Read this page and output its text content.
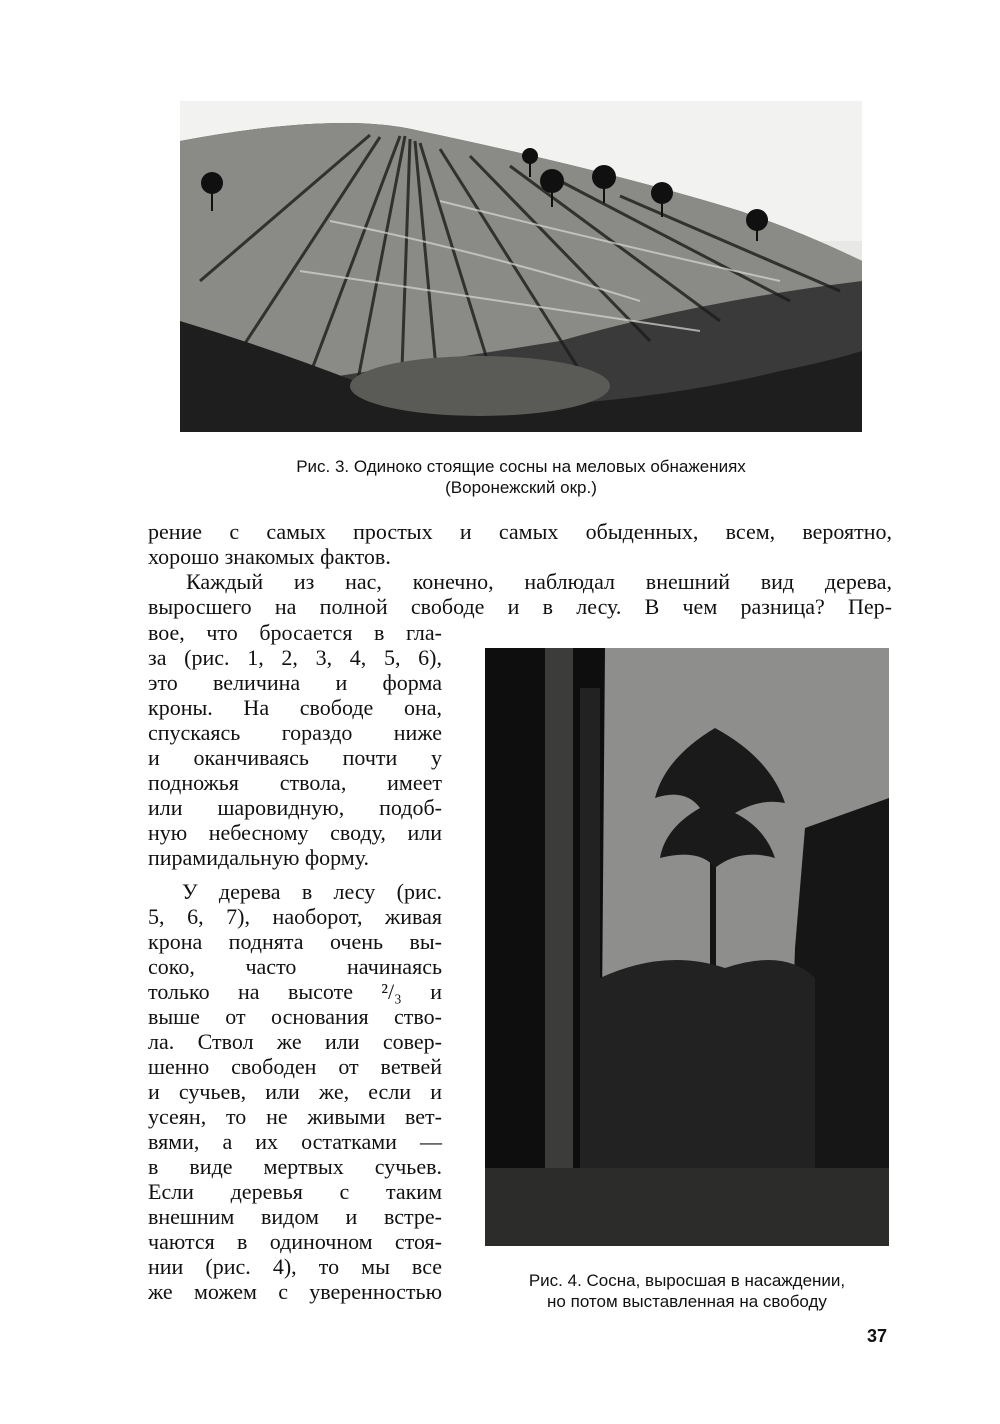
Рис. 3. Одиноко стоящие сосны на меловых обнажениях
(Воронежский окр.)
рение с самых простых и самых обыденных, всем, вероятно,
хорошо знакомых фактов.
Каждый из нас, конечно, наблюдал внешний вид дерева,
выросшего на полной свободе и в лесу. В чем разница? Пер-
Рис. 4. Сосна, выросшая в насаждении,
но потом выставленная на свободу
вое, что бросается в гла-
за (рис. 1, 2, 3, 4, 5, 6),
это величина и форма
кроны. На свободе она,
спускаясь гораздо ниже
и оканчиваясь почти у
подножья ствола, имеет
или шаровидную, подоб-
ную небесному своду, или
пирамидальную форму.
У дерева в лесу (рис.
5, 6, 7), наоборот, живая
крона поднята очень вы-
соко, часто начинаясь
только на высоте ²/₃ и
выше от основания ство-
ла. Ствол же или совер-
шенно свободен от ветвей
и сучьев, или же, если и
усеян, то не живыми вет-
вями, а их остатками —
в виде мертвых сучьев.
Если деревья с таким
внешним видом и встре-
чаются в одиночном стоя-
нии (рис. 4), то мы все
же можем с уверенностью
37
